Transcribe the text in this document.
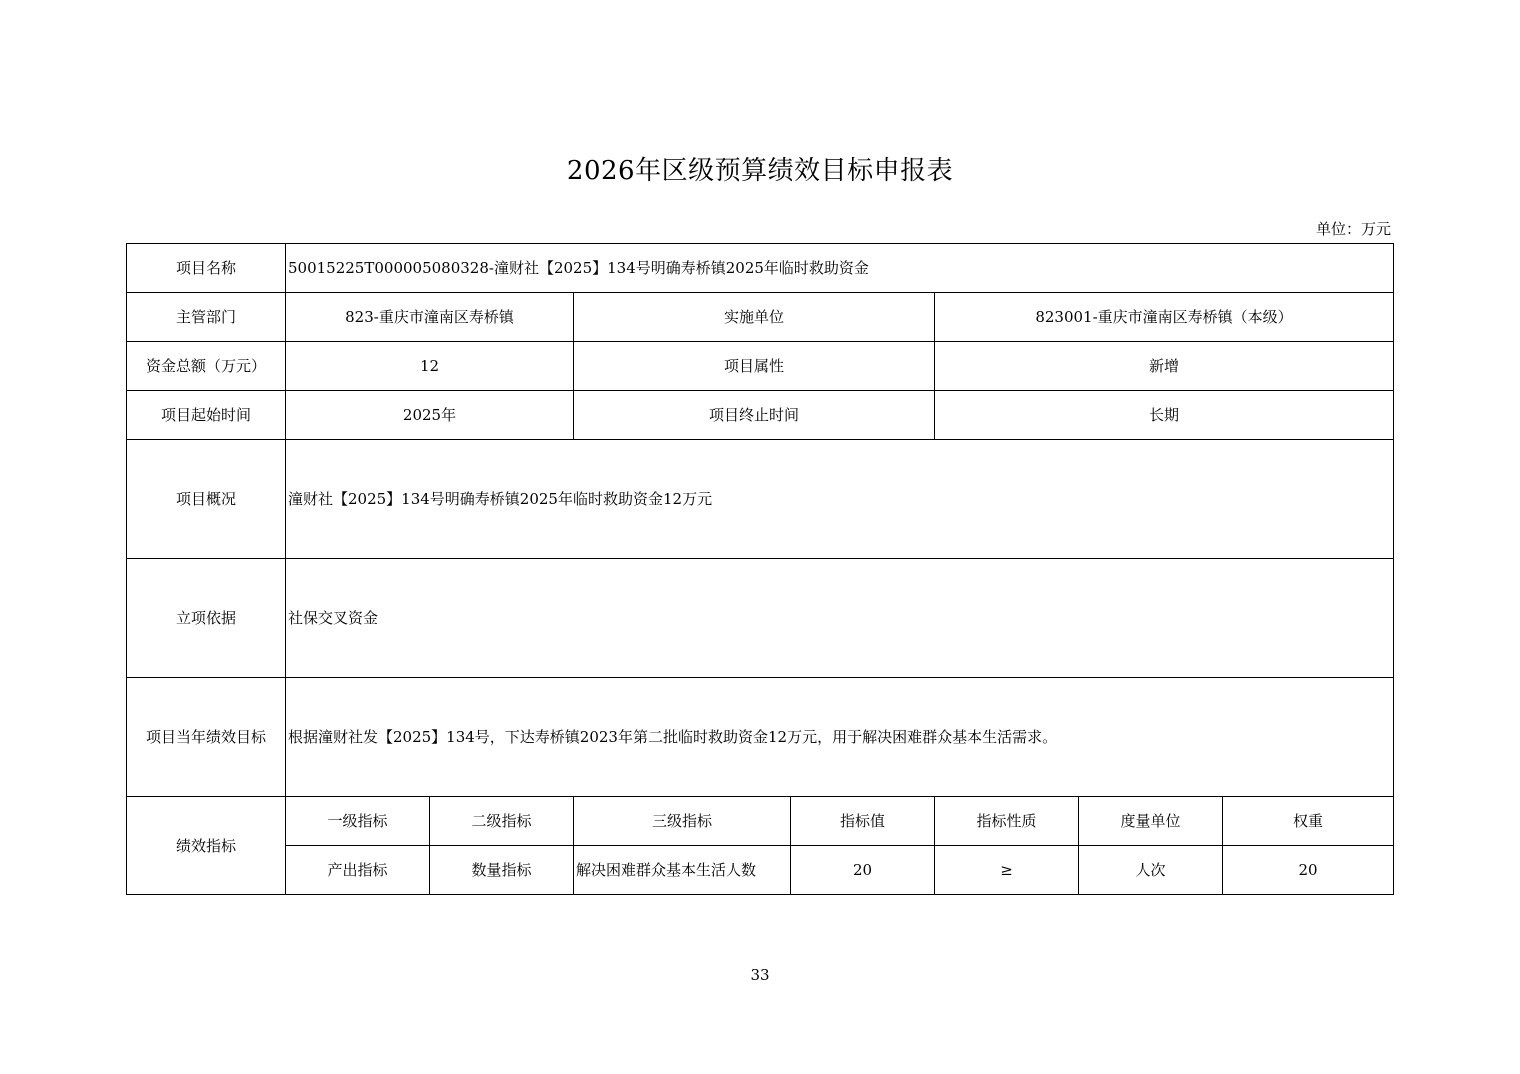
2026年区级预算绩效目标申报表
单位：万元
项目名称	50015225T000005080328-潼财社【2025】134号明确寿桥镇2025年临时救助资金						
主管部门	823-重庆市潼南区寿桥镇		实施单位		823001-重庆市潼南区寿桥镇（本级）		
资金总额（万元）	12		项目属性		新增		
项目起始时间	2025年		项目终止时间		长期		
项目概况	潼财社【2025】134号明确寿桥镇2025年临时救助资金12万元						
立项依据	社保交叉资金						
项目当年绩效目标	根据潼财社发【2025】134号，下达寿桥镇2023年第二批临时救助资金12万元，用于解决困难群众基本生活需求。						
绩效指标	一级指标	二级指标	三级指标	指标值	指标性质	度量单位	权重
	产出指标	数量指标	解决困难群众基本生活人数	20	≥	人次	20
33
